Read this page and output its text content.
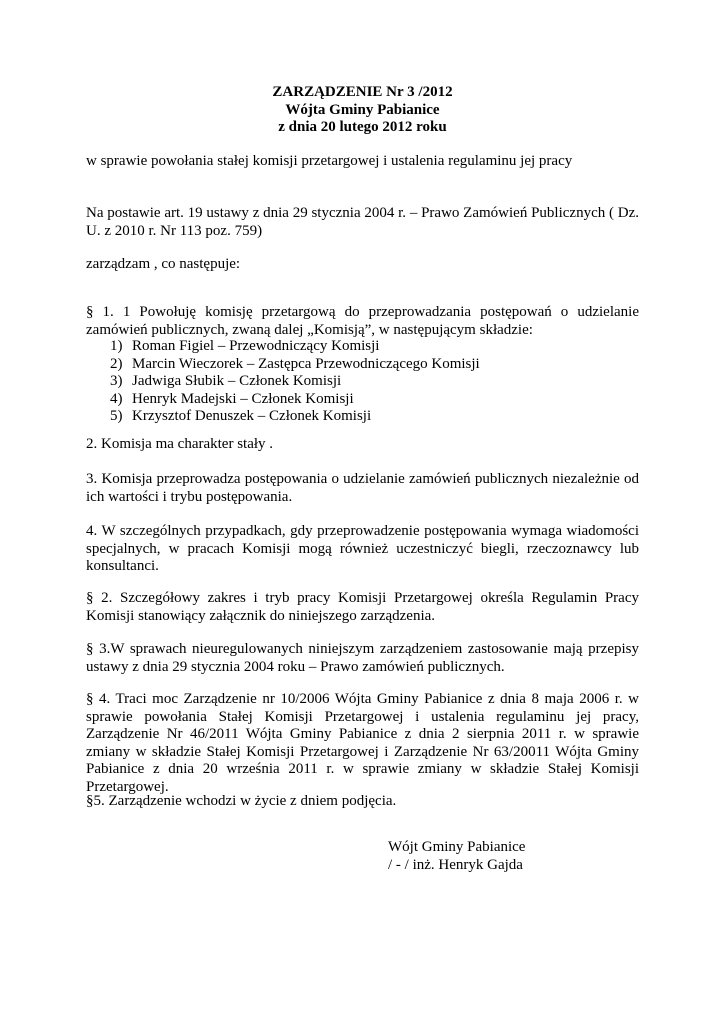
ZARZĄDZENIE Nr 3 /2012
Wójta Gminy Pabianice
z dnia 20 lutego 2012 roku

w sprawie powołania stałej komisji przetargowej i ustalenia regulaminu jej pracy

Na postawie art. 19 ustawy z dnia 29 stycznia 2004 r. – Prawo Zamówień Publicznych ( Dz. U. z 2010 r. Nr 113 poz. 759)

zarządzam , co następuje:

§ 1. 1 Powołuję komisję przetargową do przeprowadzania postępowań o udzielanie zamówień publicznych, zwaną dalej „Komisją”, w następującym składzie:

1) Roman Figiel – Przewodniczący Komisji
2) Marcin Wieczorek – Zastępca Przewodniczącego Komisji
3) Jadwiga Słubik – Członek Komisji
4) Henryk Madejski – Członek Komisji
5) Krzysztof Denuszek – Członek Komisji

2. Komisja ma charakter stały .

3. Komisja przeprowadza postępowania o udzielanie zamówień publicznych niezależnie od ich wartości i trybu postępowania.

4. W szczególnych przypadkach, gdy przeprowadzenie postępowania wymaga wiadomości specjalnych, w pracach Komisji mogą również uczestniczyć biegli, rzeczoznawcy lub konsultanci.

§ 2. Szczegółowy zakres i tryb pracy Komisji Przetargowej określa Regulamin Pracy Komisji stanowiący załącznik do niniejszego zarządzenia.

§ 3.W sprawach nieuregulowanych niniejszym zarządzeniem zastosowanie mają przepisy ustawy z dnia 29 stycznia 2004 roku – Prawo zamówień publicznych.

§ 4. Traci moc Zarządzenie nr 10/2006 Wójta Gminy Pabianice z dnia 8 maja 2006 r. w sprawie powołania Stałej Komisji Przetargowej i ustalenia regulaminu jej pracy, Zarządzenie Nr 46/2011 Wójta Gminy Pabianice z dnia 2 sierpnia 2011 r. w sprawie zmiany w składzie Stałej Komisji Przetargowej i Zarządzenie Nr 63/20011 Wójta Gminy Pabianice z dnia 20 września 2011 r. w sprawie zmiany w składzie Stałej Komisji Przetargowej.

§5. Zarządzenie wchodzi w życie z dniem podjęcia.

Wójt Gminy Pabianice
/ - / inż. Henryk Gajda
